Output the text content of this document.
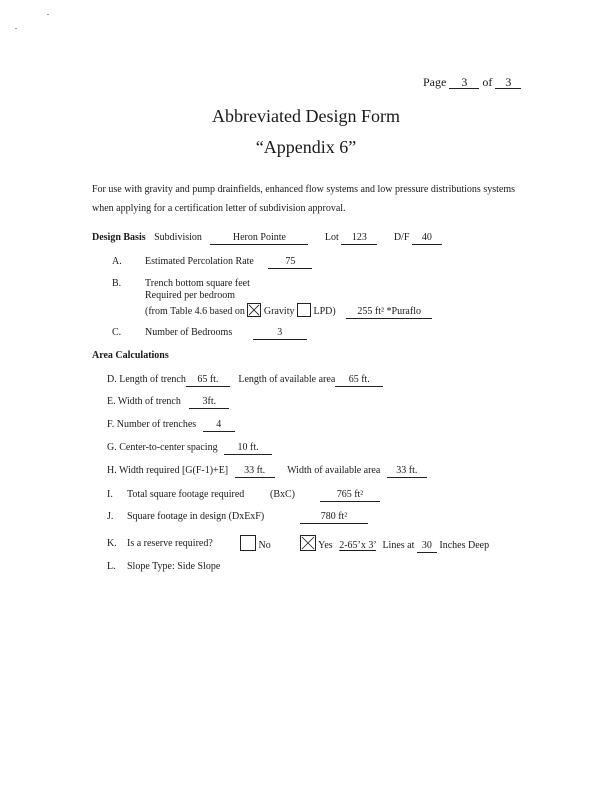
Page 3 of 3
Abbreviated Design Form
“Appendix 6”
For use with gravity and pump drainfields, enhanced flow systems and low pressure distributions systems
when applying for a certification letter of subdivision approval.
Design Basis Subdivision	Heron Pointe	Lot 123	D/F 40
A. Estimated Percolation Rate	75
B. Trench bottom square feet
Required per bedroom
(from Table 4.6 based on Gravity LPD) 255 ft² *Puraflo
C. Number of Bedrooms	3
Area Calculations
D. Length of trench 65 ft. Length of available area 65 ft.
E. Width of trench 3ft.
F. Number of trenches 4
G. Center-to-center spacing 10 ft.
H. Width required [G(F-1)+E] 33 ft. Width of available area 33 ft.
I. Total square footage required	(BxC)	765 ft²
J. Square footage in design (DxExF)	780 ft²
K. Is a reserve required?	No	Yes 2-65’x 3’ Lines at 30 Inches Deep
L. Slope Type: Side Slope
